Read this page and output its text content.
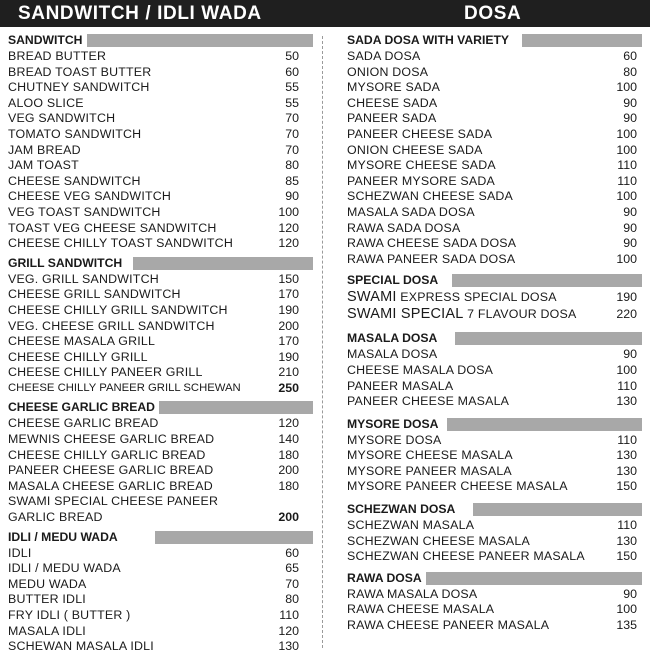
SANDWITCH / IDLI WADA	DOSA
SANDWITCH
BREAD BUTTER	50
BREAD TOAST BUTTER	60
CHUTNEY SANDWITCH	55
ALOO SLICE	55
VEG SANDWITCH	70
TOMATO SANDWITCH	70
JAM BREAD	70
JAM TOAST	80
CHEESE SANDWITCH	85
CHEESE VEG SANDWITCH	90
VEG TOAST SANDWITCH	100
TOAST VEG CHEESE SANDWITCH	120
CHEESE CHILLY TOAST SANDWITCH	120
GRILL SANDWITCH
VEG. GRILL SANDWITCH	150
CHEESE GRILL SANDWITCH	170
CHEESE CHILLY GRILL SANDWITCH	190
VEG. CHEESE GRILL SANDWITCH	200
CHEESE MASALA GRILL	170
CHEESE CHILLY GRILL	190
CHEESE CHILLY PANEER GRILL	210
CHEESE CHILLY PANEER GRILL SCHEWAN	250
CHEESE GARLIC BREAD
CHEESE GARLIC BREAD	120
MEWNIS CHEESE GARLIC BREAD	140
CHEESE CHILLY GARLIC BREAD	180
PANEER CHEESE GARLIC BREAD	200
MASALA CHEESE GARLIC BREAD	180
SWAMI SPECIAL CHEESE PANEER
GARLIC BREAD	200
IDLI / MEDU WADA
IDLI	60
IDLI / MEDU WADA	65
MEDU WADA	70
BUTTER IDLI	80
FRY IDLI ( BUTTER )	110
MASALA IDLI	120
SCHEWAN MASALA IDLI	130
SADA DOSA WITH VARIETY
SADA DOSA	60
ONION DOSA	80
MYSORE SADA	100
CHEESE SADA	90
PANEER SADA	90
PANEER CHEESE SADA	100
ONION CHEESE SADA	100
MYSORE CHEESE SADA	110
PANEER MYSORE SADA	110
SCHEZWAN CHEESE SADA	100
MASALA SADA DOSA	90
RAWA SADA DOSA	90
RAWA CHEESE SADA DOSA	90
RAWA PANEER SADA DOSA	100
SPECIAL DOSA
SWAMI EXPRESS SPECIAL DOSA	190
SWAMI SPECIAL 7 FLAVOUR DOSA	220
MASALA DOSA
MASALA DOSA	90
CHEESE MASALA DOSA	100
PANEER MASALA	110
PANEER CHEESE MASALA	130
MYSORE DOSA
MYSORE DOSA	110
MYSORE CHEESE MASALA	130
MYSORE PANEER MASALA	130
MYSORE PANEER CHEESE MASALA	150
SCHEZWAN DOSA
SCHEZWAN MASALA	110
SCHEZWAN CHEESE MASALA	130
SCHEZWAN CHEESE PANEER MASALA	150
RAWA DOSA
RAWA MASALA DOSA	90
RAWA CHEESE MASALA	100
RAWA CHEESE PANEER MASALA	135
